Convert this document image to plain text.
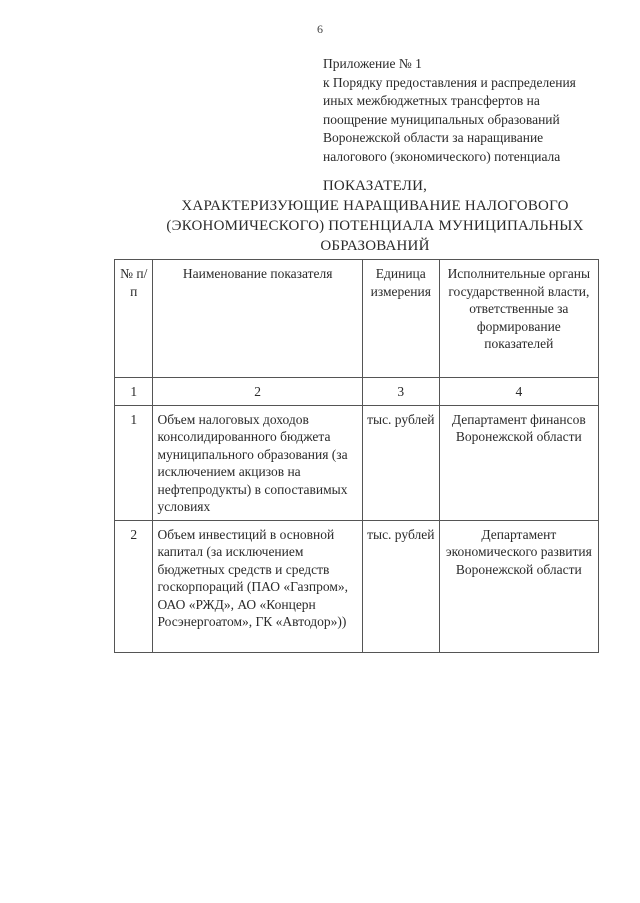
6
Приложение № 1
к Порядку предоставления и распределения
иных межбюджетных трансфертов на
поощрение муниципальных образований
Воронежской области за наращивание
налогового (экономического) потенциала
ПОКАЗАТЕЛИ,
ХАРАКТЕРИЗУЮЩИЕ НАРАЩИВАНИЕ НАЛОГОВОГО
(ЭКОНОМИЧЕСКОГО) ПОТЕНЦИАЛА МУНИЦИПАЛЬНЫХ
ОБРАЗОВАНИЙ
№ п/п	Наименование показателя	Единица измерения	Исполнительные органы государственной власти, ответственные за формирование показателей
1	2	3	4
1	Объем налоговых доходов консолидированного бюджета муниципального образования (за исключением акцизов на нефтепродукты) в сопоставимых условиях	тыс. рублей	Департамент финансов Воронежской области
2	Объем инвестиций в основной капитал (за исключением бюджетных средств и средств госкорпораций (ПАО «Газпром», ОАО «РЖД», АО «Концерн Росэнергоатом», ГК «Автодор»))	тыс. рублей	Департамент экономического развития Воронежской области
